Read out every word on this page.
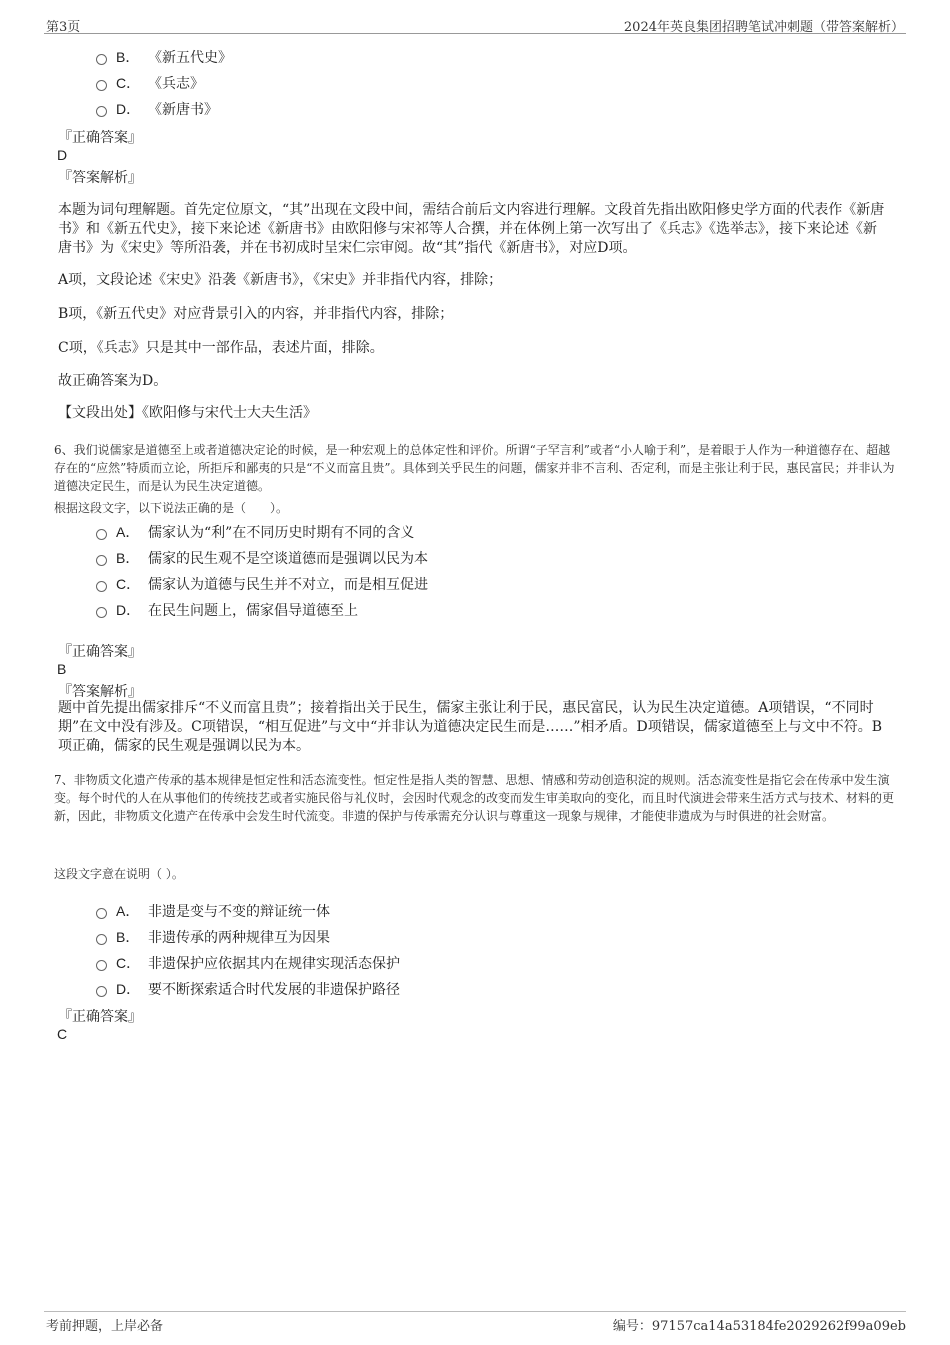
第3页	2024年英良集团招聘笔试冲刺题（带答案解析）
B． 《新五代史》
C． 《兵志》
D． 《新唐书》
『正确答案』
D
『答案解析』
本题为词句理解题。首先定位原文，“其”出现在文段中间，需结合前后文内容进行理解。文段首先指出欧阳修史学方面的代表作《新唐书》和《新五代史》，接下来论述《新唐书》由欧阳修与宋祁等人合撰，并在体例上第一次写出了《兵志》《选举志》，接下来论述《新唐书》为《宋史》等所沿袭，并在书初成时呈宋仁宗审阅。故“其”指代《新唐书》，对应D项。
A项，文段论述《宋史》沿袭《新唐书》，《宋史》并非指代内容，排除；
B项，《新五代史》对应背景引入的内容，并非指代内容，排除；
C项，《兵志》只是其中一部作品，表述片面，排除。
故正确答案为D。
【文段出处】《欧阳修与宋代士大夫生活》
6、我们说儒家是道德至上或者道德决定论的时候，是一种宏观上的总体定性和评价。所谓“子罕言利”或者“小人喻于利”，是着眼于人作为一种道德存在、超越存在的“应然”特质而立论，所拒斥和鄙夷的只是“不义而富且贵”。具体到关乎民生的问题，儒家并非不言利、否定利，而是主张让利于民，惠民富民；并非认为道德决定民生，而是认为民生决定道德。
根据这段文字，以下说法正确的是（　　）。
A． 儒家认为“利”在不同历史时期有不同的含义
B． 儒家的民生观不是空谈道德而是强调以民为本
C． 儒家认为道德与民生并不对立，而是相互促进
D． 在民生问题上，儒家倡导道德至上
『正确答案』
B
『答案解析』
题中首先提出儒家排斥“不义而富且贵”；接着指出关于民生，儒家主张让利于民，惠民富民，认为民生决定道德。A项错误，“不同时期”在文中没有涉及。C项错误，“相互促进”与文中“并非认为道德决定民生而是……”相矛盾。D项错误，儒家道德至上与文中不符。B项正确，儒家的民生观是强调以民为本。
7、非物质文化遗产传承的基本规律是恒定性和活态流变性。恒定性是指人类的智慧、思想、情感和劳动创造积淀的规则。活态流变性是指它会在传承中发生演变。每个时代的人在从事他们的传统技艺或者实施民俗与礼仪时，会因时代观念的改变而发生审美取向的变化，而且时代演进会带来生活方式与技术、材料的更新，因此，非物质文化遗产在传承中会发生时代流变。非遗的保护与传承需充分认识与尊重这一现象与规律，才能使非遗成为与时俱进的社会财富。
这段文字意在说明（ ）。
A． 非遗是变与不变的辩证统一体
B． 非遗传承的两种规律互为因果
C． 非遗保护应依据其内在规律实现活态保护
D． 要不断探索适合时代发展的非遗保护路径
『正确答案』
C
考前押题，上岸必备	编号：97157ca14a53184fe2029262f99a09eb
